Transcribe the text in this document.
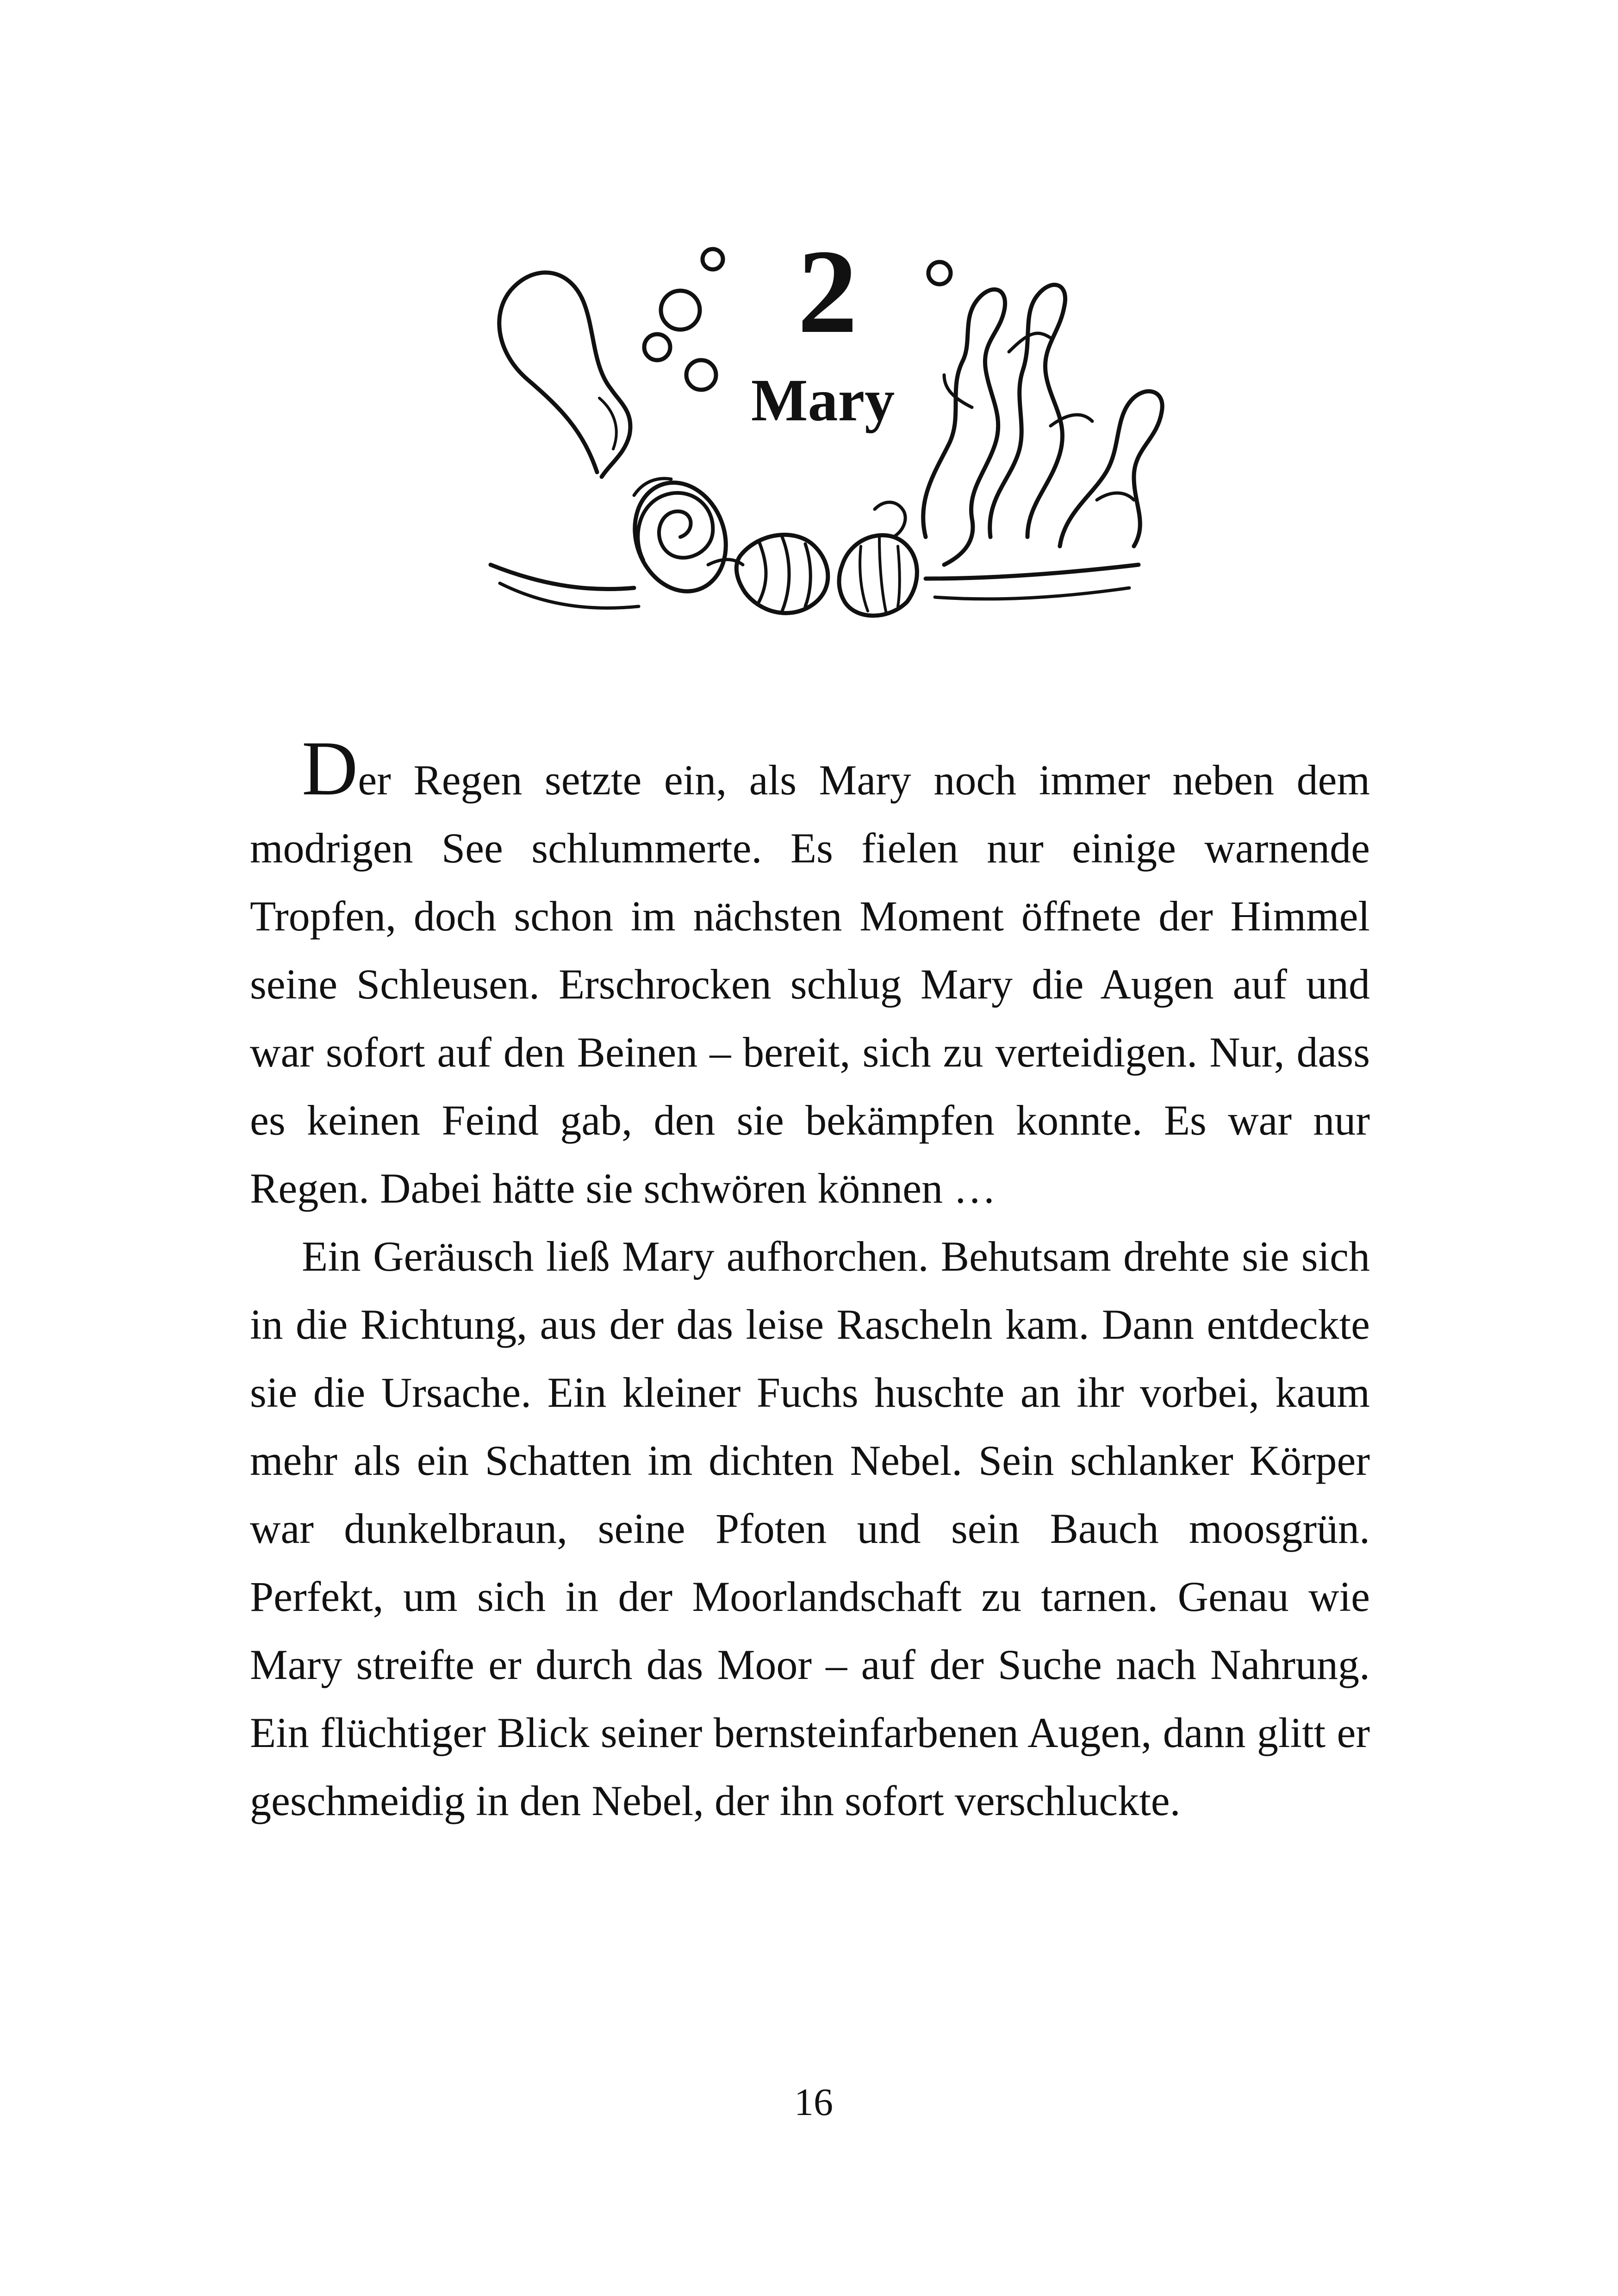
2
Mary

Der Regen setzte ein, als Mary noch immer neben dem modrigen See schlummerte. Es fielen nur einige warnende Tropfen, doch schon im nächsten Moment öffnete der Himmel seine Schleusen. Erschrocken schlug Mary die Augen auf und war sofort auf den Beinen – bereit, sich zu verteidigen. Nur, dass es keinen Feind gab, den sie bekämpfen konnte. Es war nur Regen. Dabei hätte sie schwören können …

Ein Geräusch ließ Mary aufhorchen. Behutsam drehte sie sich in die Richtung, aus der das leise Rascheln kam. Dann entdeckte sie die Ursache. Ein kleiner Fuchs huschte an ihr vorbei, kaum mehr als ein Schatten im dichten Nebel. Sein schlanker Körper war dunkelbraun, seine Pfoten und sein Bauch moosgrün. Perfekt, um sich in der Moorlandschaft zu tarnen. Genau wie Mary streifte er durch das Moor – auf der Suche nach Nahrung. Ein flüchtiger Blick seiner bernsteinfarbenen Augen, dann glitt er geschmeidig in den Nebel, der ihn sofort verschluckte.

16
